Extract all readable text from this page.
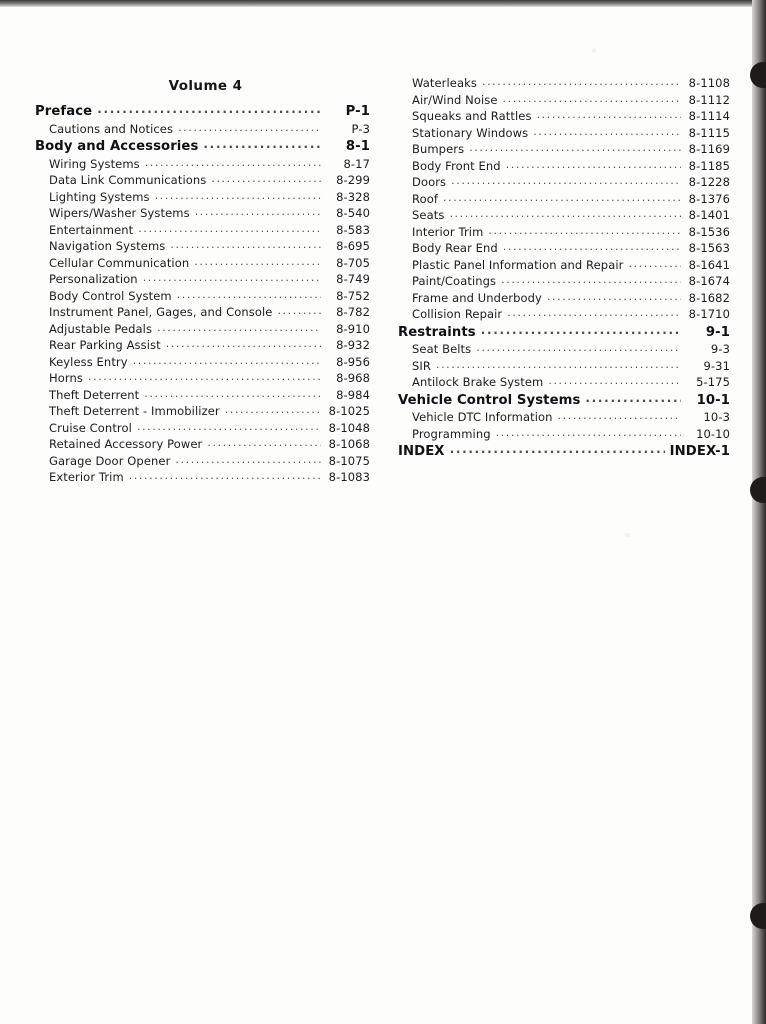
Volume 4
Preface .....	P-1
Cautions and Notices .....	P-3
Body and Accessories .....	8-1
Wiring Systems .....	8-17
Data Link Communications .....	8-299
Lighting Systems .....	8-328
Wipers/Washer Systems .....	8-540
Entertainment .....	8-583
Navigation Systems .....	8-695
Cellular Communication .....	8-705
Personalization .....	8-749
Body Control System .....	8-752
Instrument Panel, Gages, and Console .....	8-782
Adjustable Pedals .....	8-910
Rear Parking Assist .....	8-932
Keyless Entry .....	8-956
Horns .....	8-968
Theft Deterrent .....	8-984
Theft Deterrent - Immobilizer .....	8-1025
Cruise Control .....	8-1048
Retained Accessory Power .....	8-1068
Garage Door Opener .....	8-1075
Exterior Trim .....	8-1083
Waterleaks .....	8-1108
Air/Wind Noise .....	8-1112
Squeaks and Rattles .....	8-1114
Stationary Windows .....	8-1115
Bumpers .....	8-1169
Body Front End .....	8-1185
Doors .....	8-1228
Roof .....	8-1376
Seats .....	8-1401
Interior Trim .....	8-1536
Body Rear End .....	8-1563
Plastic Panel Information and Repair .....	8-1641
Paint/Coatings .....	8-1674
Frame and Underbody .....	8-1682
Collision Repair .....	8-1710
Restraints .....	9-1
Seat Belts .....	9-3
SIR .....	9-31
Antilock Brake System .....	5-175
Vehicle Control Systems .....	10-1
Vehicle DTC Information .....	10-3
Programming .....	10-10
INDEX .....	INDEX-1
